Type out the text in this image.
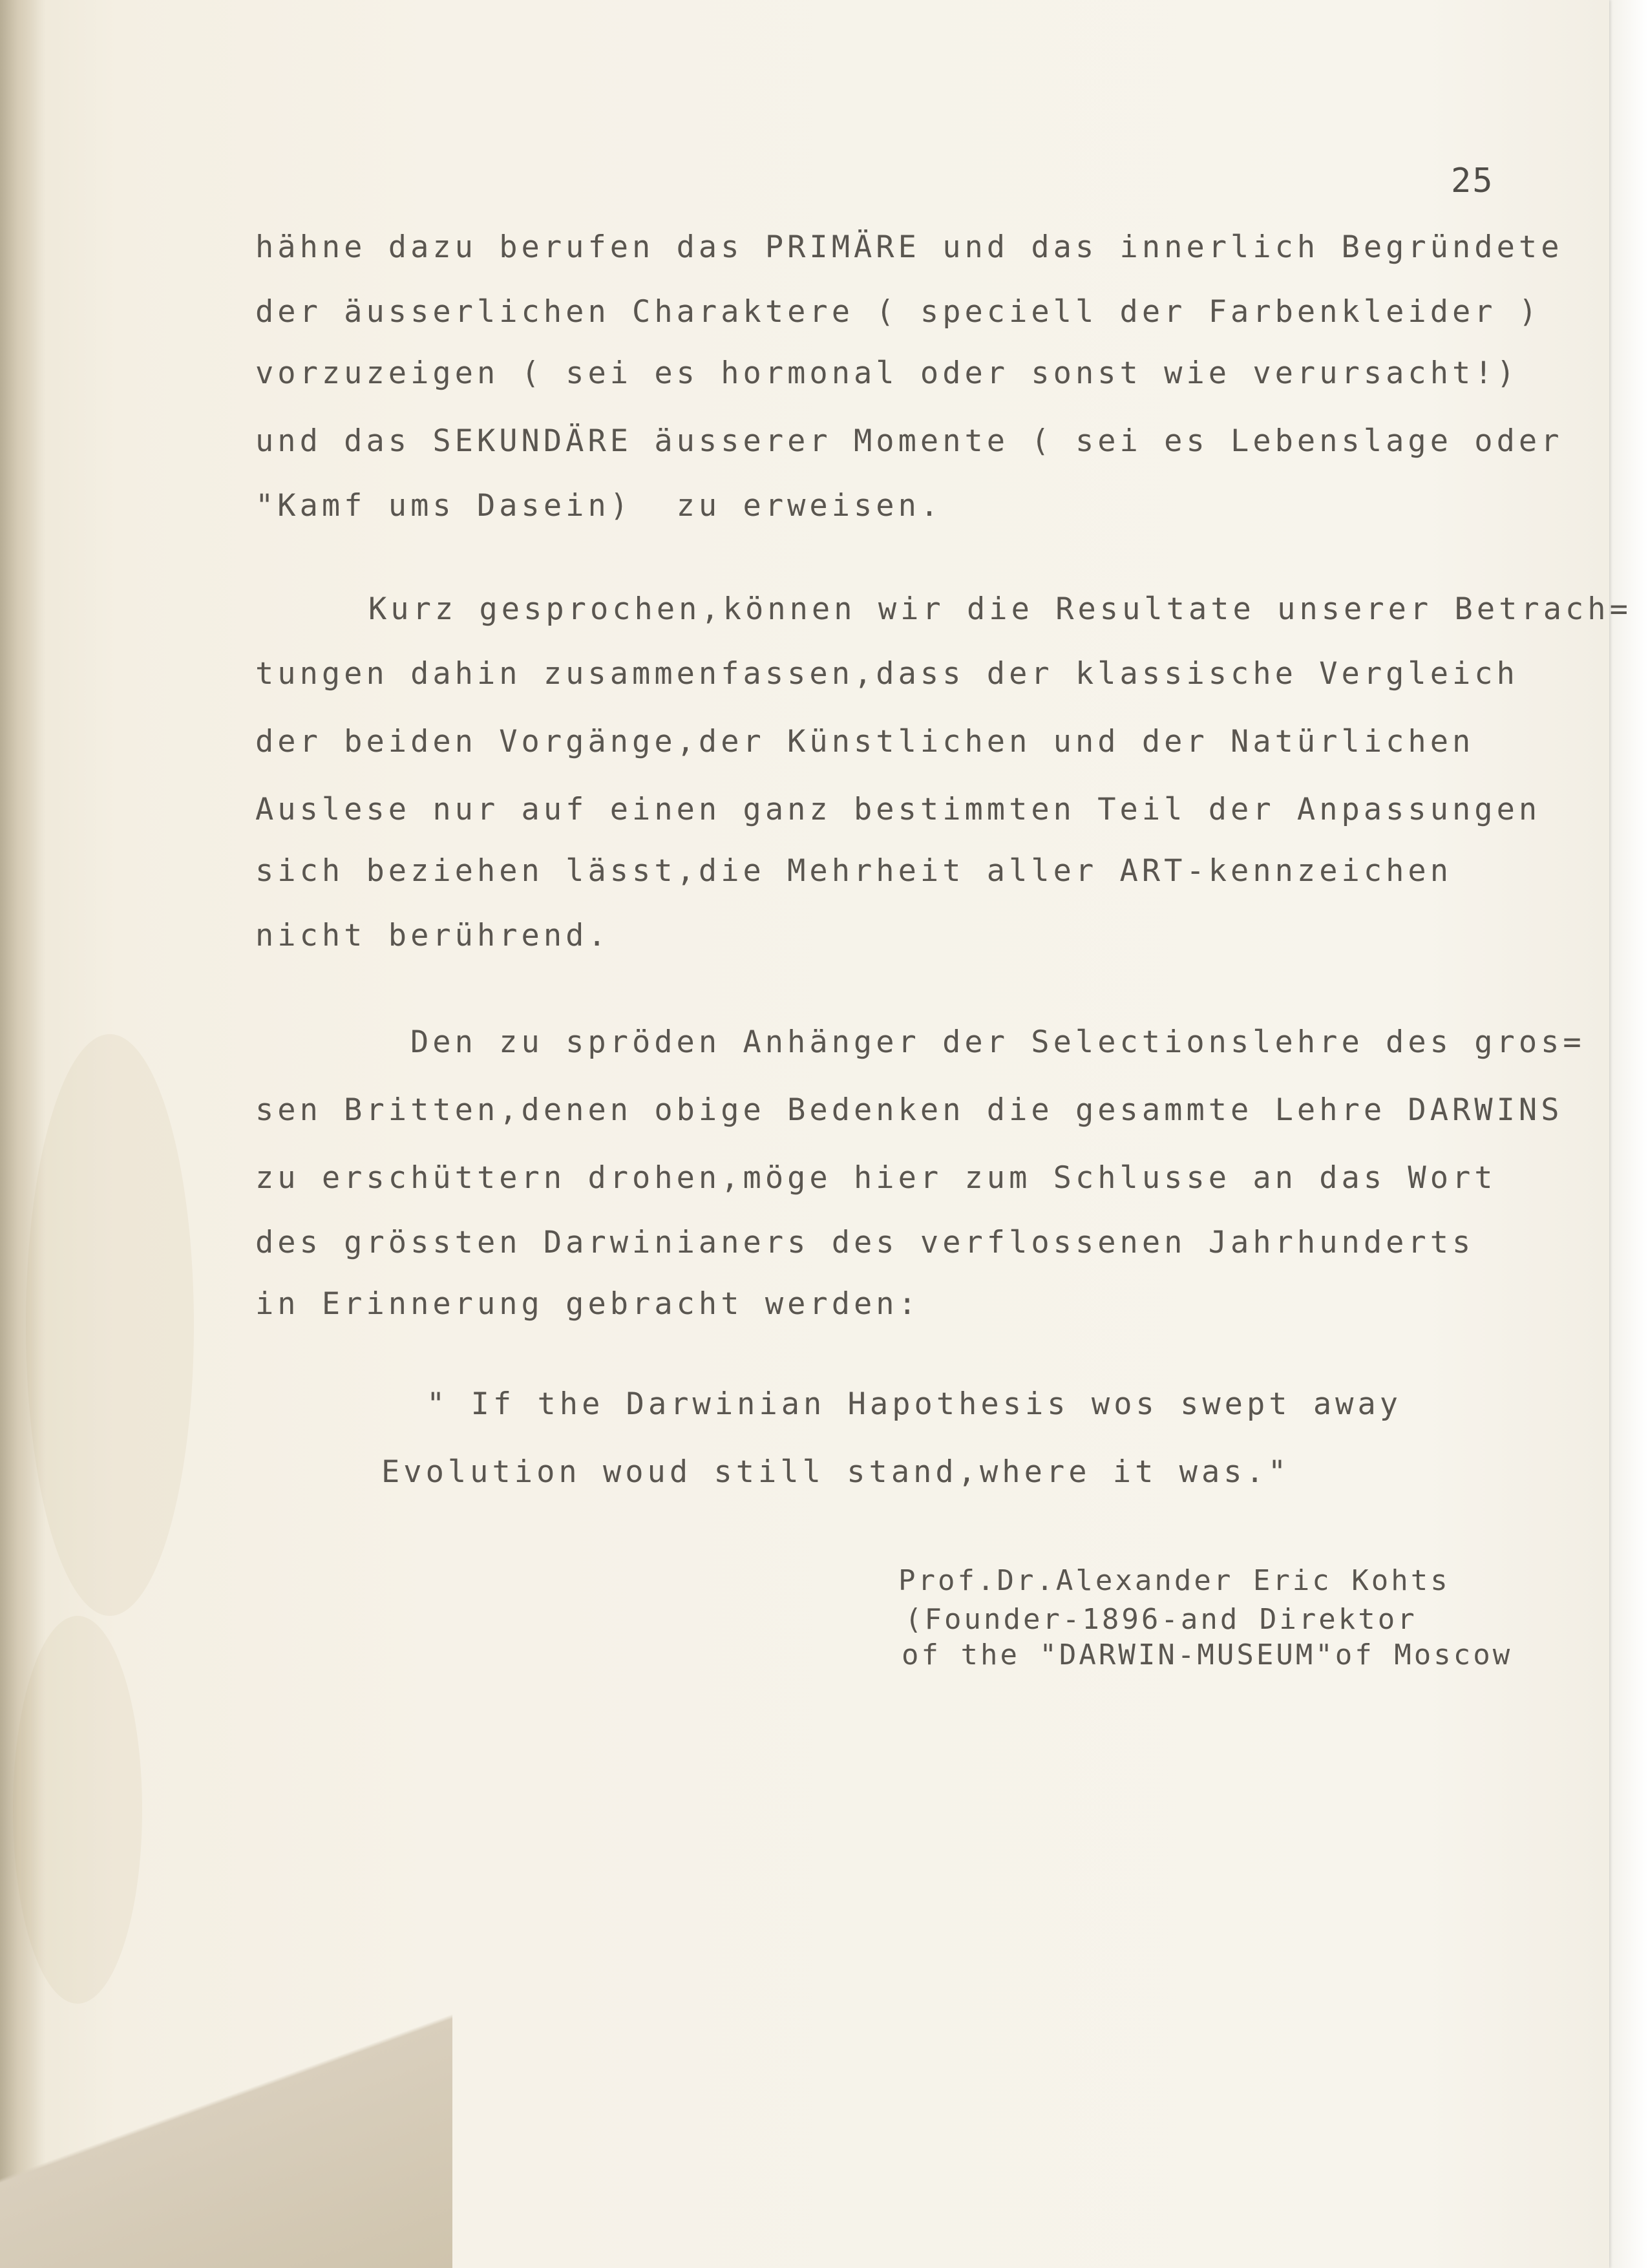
25
hähne dazu berufen das PRIMÄRE und das innerlich Begründete
der äusserlichen Charaktere ( speciell der Farbenkleider )
vorzuzeigen ( sei es hormonal oder sonst wie verursacht!)
und das SEKUNDÄRE äusserer Momente ( sei es Lebenslage oder
"Kamf ums Dasein)  zu erweisen.
Kurz gesprochen,können wir die Resultate unserer Betrach=
tungen dahin zusammenfassen,dass der klassische Vergleich
der beiden Vorgänge,der Künstlichen und der Natürlichen
Auslese nur auf einen ganz bestimmten Teil der Anpassungen
sich beziehen lässt,die Mehrheit aller ART-kennzeichen
nicht berührend.
Den zu spröden Anhänger der Selectionslehre des gros=
sen Britten,denen obige Bedenken die gesammte Lehre DARWINS
zu erschüttern drohen,möge hier zum Schlusse an das Wort
des grössten Darwinianers des verflossenen Jahrhunderts
in Erinnerung gebracht werden:
" If the Darwinian Hapothesis wos swept away
Evolution woud still stand,where it was."
Prof.Dr.Alexander Eric Kohts
(Founder-1896-and Direktor
of the "DARWIN-MUSEUM"of Moscow
